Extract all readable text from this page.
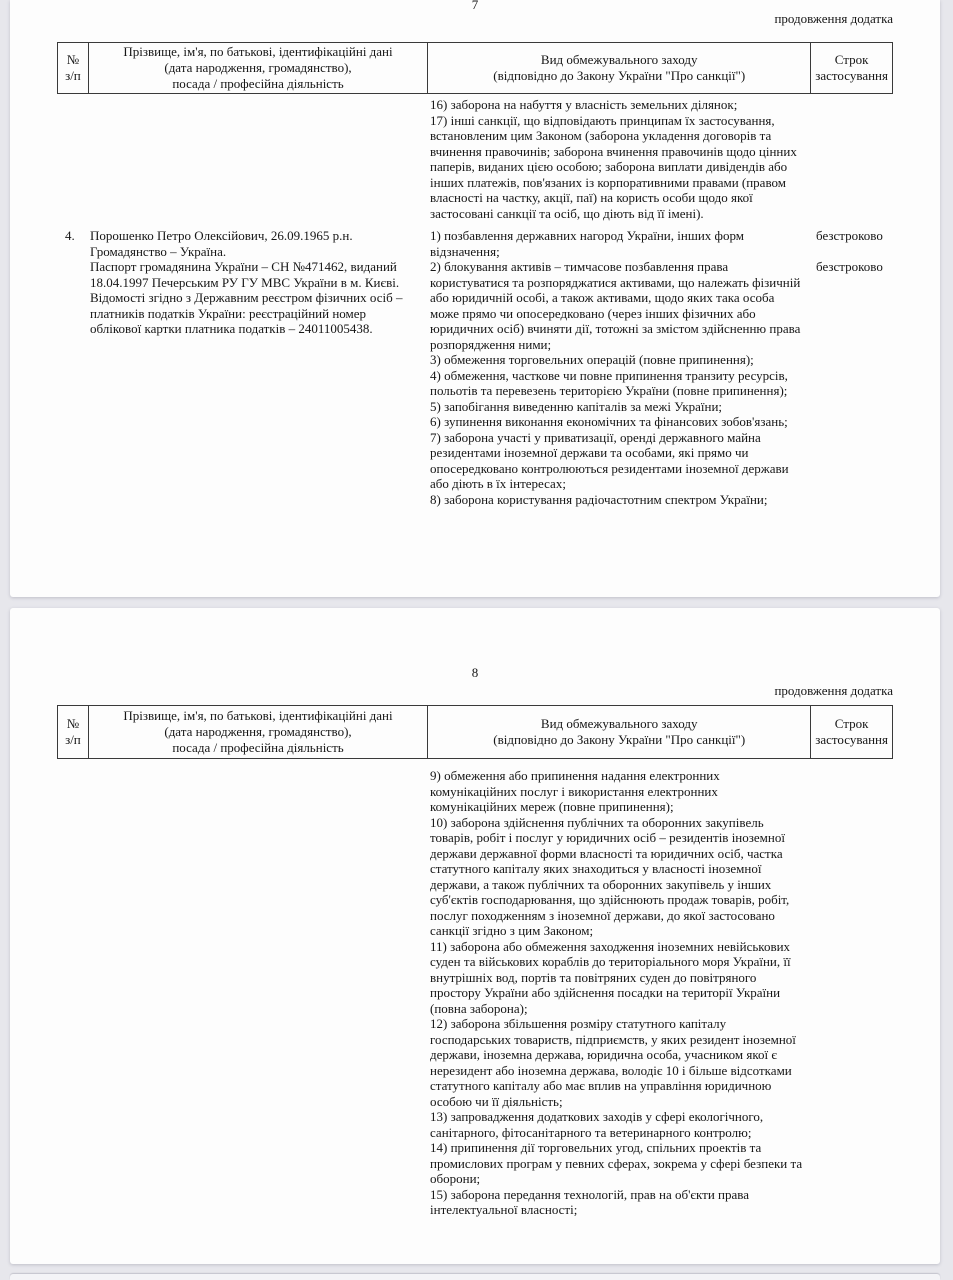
7
продовження додатка
№
з/п
Прізвище, ім'я, по батькові, ідентифікаційні дані
(дата народження, громадянство),
посада / професійна діяльність
Вид обмежувального заходу
(відповідно до Закону України "Про санкції")
Строк
застосування
16) заборона на набуття у власність земельних ділянок;
17) інші санкції, що відповідають принципам їх застосування, встановленим цим Законом (заборона укладення договорів та вчинення правочинів; заборона вчинення правочинів щодо цінних паперів, виданих цією особою; заборона виплати дивідендів або інших платежів, пов'язаних із корпоративними правами (правом власності на частку, акції, паї) на користь особи щодо якої застосовані санкції та осіб, що діють від її імені).
4.	Порошенко Петро Олексійович, 26.09.1965 р.н.
Громадянство – Україна.
Паспорт громадянина України – СН №471462, виданий 18.04.1997 Печерським РУ ГУ МВС України в м. Києві.
Відомості згідно з Державним реєстром фізичних осіб – платників податків України: реєстраційний номер облікової картки платника податків – 24011005438.
1) позбавлення державних нагород України, інших форм відзначення;
2) блокування активів – тимчасове позбавлення права користуватися та розпоряджатися активами, що належать фізичній або юридичній особі, а також активами, щодо яких така особа може прямо чи опосередковано (через інших фізичних або юридичних осіб) вчиняти дії, тотожні за змістом здійсненню права розпорядження ними;
3) обмеження торговельних операцій (повне припинення);
4) обмеження, часткове чи повне припинення транзиту ресурсів, польотів та перевезень територією України (повне припинення);
5) запобігання виведенню капіталів за межі України;
6) зупинення виконання економічних та фінансових зобов'язань;
7) заборона участі у приватизації, оренді державного майна резидентами іноземної держави та особами, які прямо чи опосередковано контролюються резидентами іноземної держави або діють в їх інтересах;
8) заборона користування радіочастотним спектром України;
безстроково
безстроково
8
продовження додатка
№
з/п
Прізвище, ім'я, по батькові, ідентифікаційні дані
(дата народження, громадянство),
посада / професійна діяльність
Вид обмежувального заходу
(відповідно до Закону України "Про санкції")
Строк
застосування
9) обмеження або припинення надання електронних комунікаційних послуг і використання електронних комунікаційних мереж (повне припинення);
10) заборона здійснення публічних та оборонних закупівель товарів, робіт і послуг у юридичних осіб – резидентів іноземної держави державної форми власності та юридичних осіб, частка статутного капіталу яких знаходиться у власності іноземної держави, а також публічних та оборонних закупівель у інших суб'єктів господарювання, що здійснюють продаж товарів, робіт, послуг походженням з іноземної держави, до якої застосовано санкції згідно з цим Законом;
11) заборона або обмеження заходження іноземних невійськових суден та військових кораблів до територіального моря України, її внутрішніх вод, портів та повітряних суден до повітряного простору України або здійснення посадки на території України (повна заборона);
12) заборона збільшення розміру статутного капіталу господарських товариств, підприємств, у яких резидент іноземної держави, іноземна держава, юридична особа, учасником якої є нерезидент або іноземна держава, володіє 10 і більше відсотками статутного капіталу або має вплив на управління юридичною особою чи її діяльність;
13) запровадження додаткових заходів у сфері екологічного, санітарного, фітосанітарного та ветеринарного контролю;
14) припинення дії торговельних угод, спільних проектів та промислових програм у певних сферах, зокрема у сфері безпеки та оборони;
15) заборона передання технологій, прав на об'єкти права інтелектуальної власності;
